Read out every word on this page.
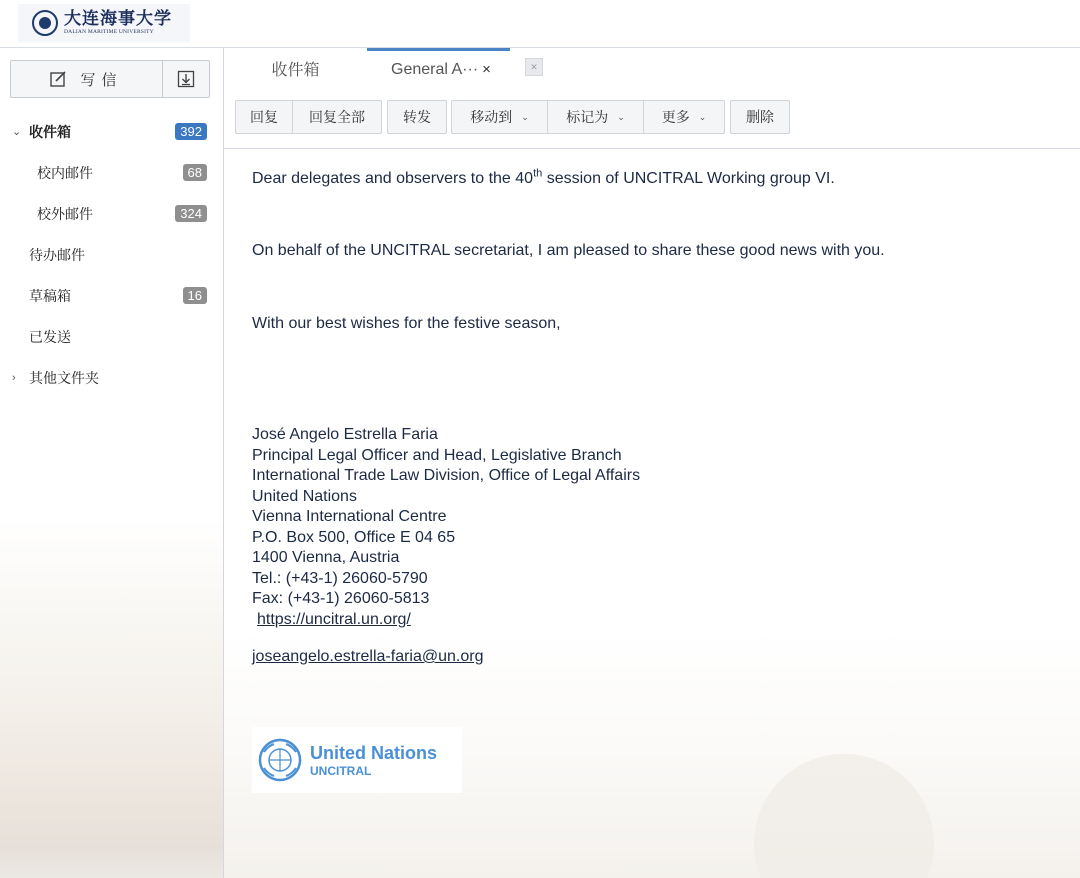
大连海事大学
DALIAN MARITIME UNIVERSITY
写信
⌄ 收件箱	392
校内邮件	68
校外邮件	324
待办邮件
草稿箱	16
已发送
› 其他文件夹
收件箱	General A··· ×	✕
回复	回复全部	转发	移动到 ⌄	标记为 ⌄	更多 ⌄	删除

Dear delegates and observers to the 40th session of UNCITRAL Working group VI.

On behalf of the UNCITRAL secretariat, I am pleased to share these good news with you.

With our best wishes for the festive season,

José Angelo Estrella Faria
Principal Legal Officer and Head, Legislative Branch
International Trade Law Division, Office of Legal Affairs
United Nations
Vienna International Centre
P.O. Box 500, Office E 04 65
1400 Vienna, Austria
Tel.: (+43-1) 26060-5790
Fax: (+43-1) 26060-5813
https://uncitral.un.org/
joseangelo.estrella-faria@un.org
United Nations
UNCITRAL
